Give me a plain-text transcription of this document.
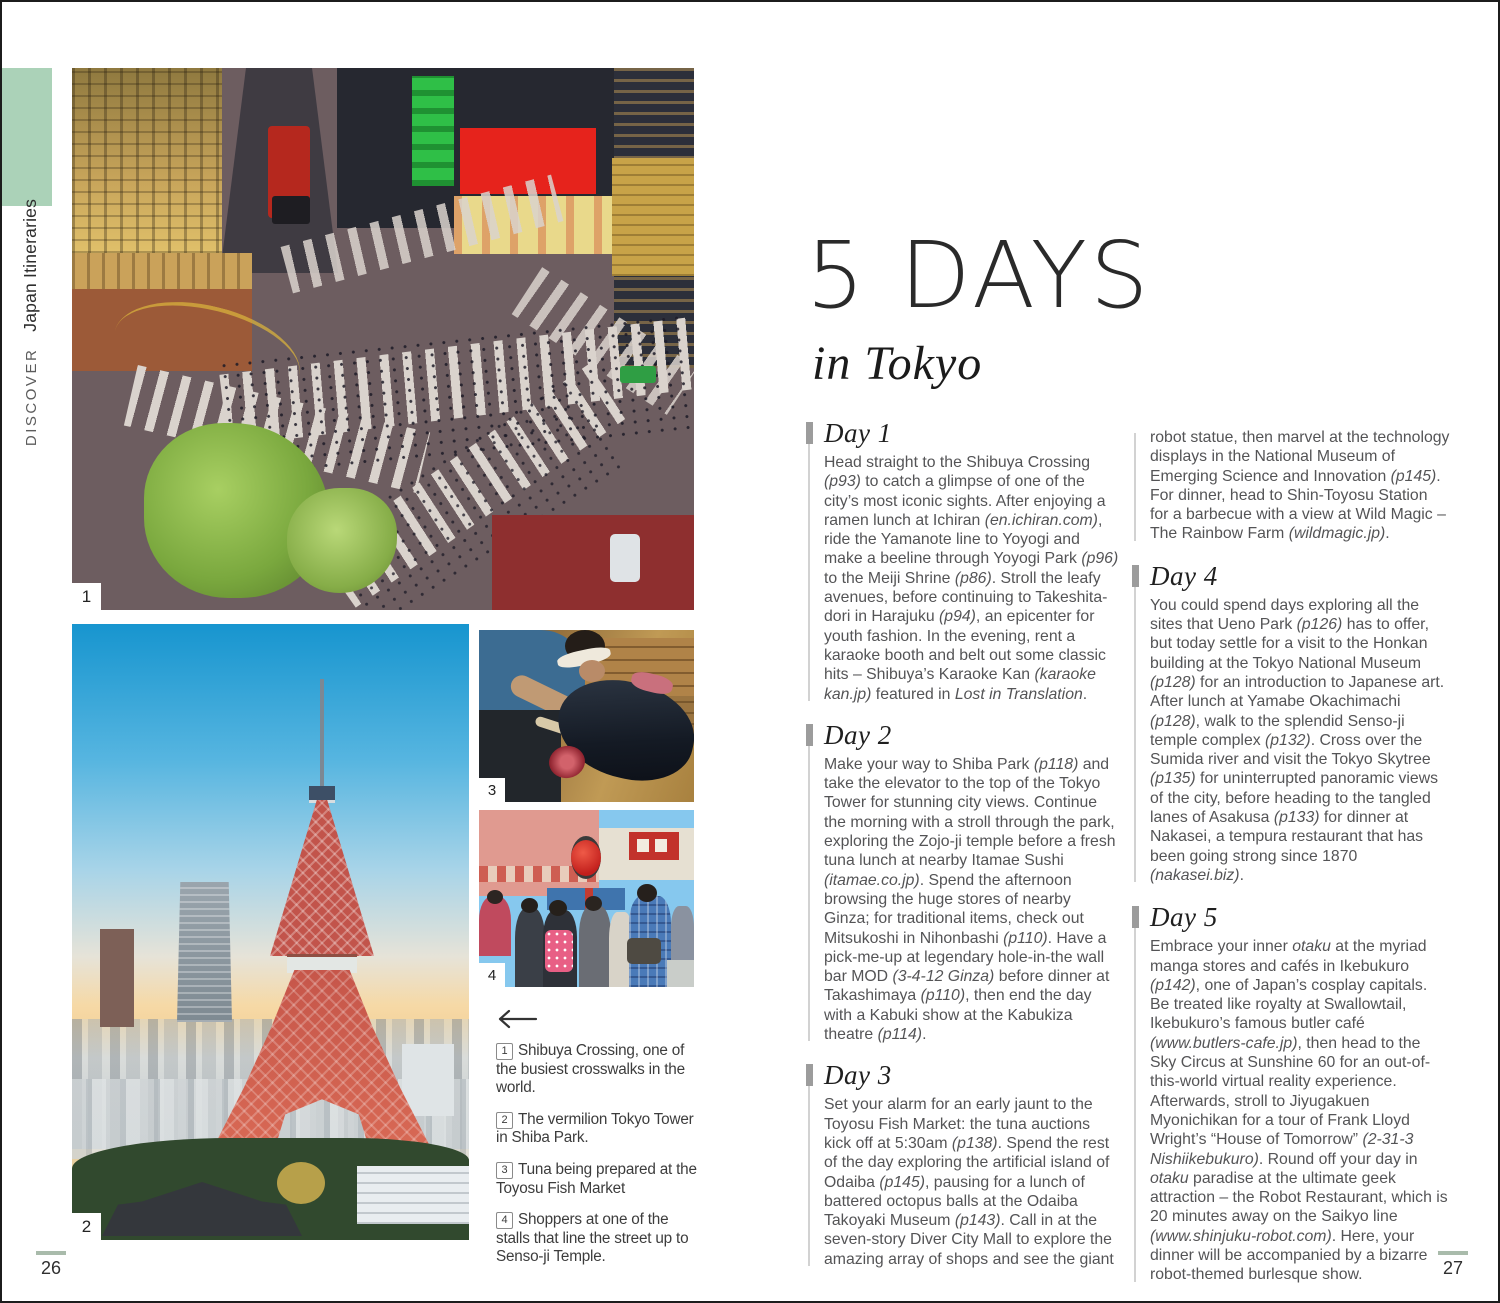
DISCOVER
Japan Itineraries
1
2
3
4
5 DAYS
in Tokyo
Day 1

Head straight to the Shibuya Crossing (p93) to catch a glimpse of one of the city’s most iconic sights. After enjoying a ramen lunch at Ichiran (en.ichiran.com), ride the Yamanote line to Yoyogi and make a beeline through Yoyogi Park (p96) to the Meiji Shrine (p86). Stroll the leafy avenues, before continuing to Takeshita-dori in Harajuku (p94), an epicenter for youth fashion. In the evening, rent a karaoke booth and belt out some classic hits – Shibuya’s Karaoke Kan (karaoke kan.jp) featured in Lost in Translation.

Day 2

Make your way to Shiba Park (p118) and take the elevator to the top of the Tokyo Tower for stunning city views. Continue the morning with a stroll through the park, exploring the Zojo-ji temple before a fresh tuna lunch at nearby Itamae Sushi (itamae.co.jp). Spend the afternoon browsing the huge stores of nearby Ginza; for traditional items, check out Mitsukoshi in Nihonbashi (p110). Have a pick-me-up at legendary hole-in-the wall bar MOD (3-4-12 Ginza) before dinner at Takashimaya (p110), then end the day with a Kabuki show at the Kabukiza theatre (p114).

Day 3

Set your alarm for an early jaunt to the Toyosu Fish Market: the tuna auctions kick off at 5:30am (p138). Spend the rest of the day exploring the artificial island of Odaiba (p145), pausing for a lunch of battered octopus balls at the Odaiba Takoyaki Museum (p143). Call in at the seven-story Diver City Mall to explore the amazing array of shops and see the giant

robot statue, then marvel at the technology displays in the National Museum of Emerging Science and Innovation (p145). For dinner, head to Shin-Toyosu Station for a barbecue with a view at Wild Magic – The Rainbow Farm (wildmagic.jp).

Day 4

You could spend days exploring all the sites that Ueno Park (p126) has to offer, but today settle for a visit to the Honkan building at the Tokyo National Museum (p128) for an introduction to Japanese art. After lunch at Yamabe Okachimachi (p128), walk to the splendid Senso-ji temple complex (p132). Cross over the Sumida river and visit the Tokyo Skytree (p135) for uninterrupted panoramic views of the city, before heading to the tangled lanes of Asakusa (p133) for dinner at Nakasei, a tempura restaurant that has been going strong since 1870 (nakasei.biz).

Day 5

Embrace your inner otaku at the myriad manga stores and cafés in Ikebukuro (p142), one of Japan’s cosplay capitals. Be treated like royalty at Swallowtail, Ikebukuro’s famous butler café (www.butlers-cafe.jp), then head to the Sky Circus at Sunshine 60 for an out-of-this-world virtual reality experience. Afterwards, stroll to Jiyugakuen Myonichikan for a tour of Frank Lloyd Wright’s “House of Tomorrow” (2-31-3 Nishiikebukuro). Round off your day in otaku paradise at the ultimate geek attraction – the Robot Restaurant, which is 20 minutes away on the Saikyo line (www.shinjuku-robot.com). Here, your dinner will be accompanied by a bizarre robot-themed burlesque show.

1 Shibuya Crossing, one of the busiest crosswalks in the world.
2 The vermilion Tokyo Tower in Shiba Park.
3 Tuna being prepared at the Toyosu Fish Market
4 Shoppers at one of the stalls that line the street up to Senso-ji Temple.
26	27
